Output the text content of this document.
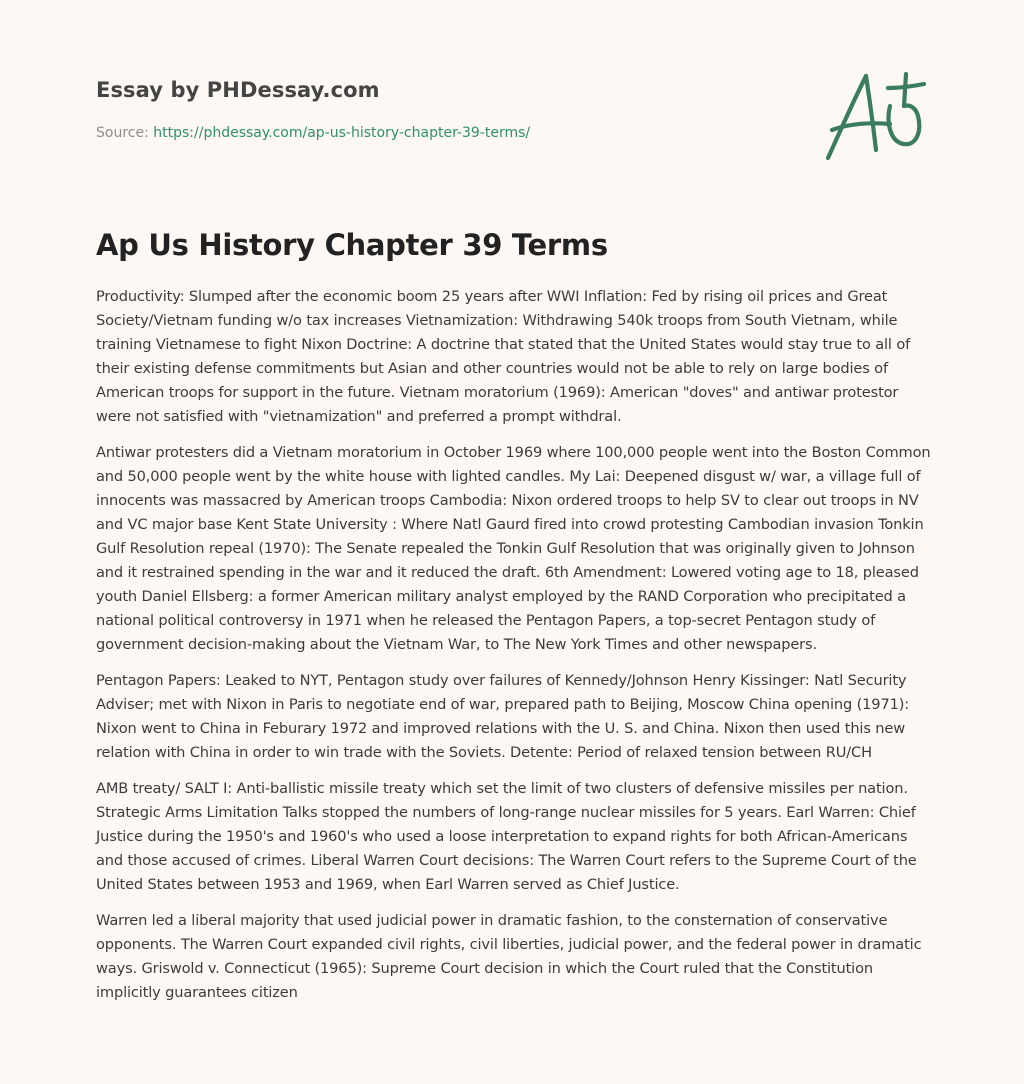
Essay by PHDessay.com
Source: https://phdessay.com/ap-us-history-chapter-39-terms/
Ap Us History Chapter 39 Terms

Productivity: Slumped after the economic boom 25 years after WWI Inflation: Fed by rising oil prices and Great Society/Vietnam funding w/o tax increases Vietnamization: Withdrawing 540k troops from South Vietnam, while training Vietnamese to fight Nixon Doctrine: A doctrine that stated that the United States would stay true to all of their existing defense commitments but Asian and other countries would not be able to rely on large bodies of American troops for support in the future. Vietnam moratorium (1969): American "doves" and antiwar protestor were not satisfied with "vietnamization" and preferred a prompt withdral.

Antiwar protesters did a Vietnam moratorium in October 1969 where 100,000 people went into the Boston Common and 50,000 people went by the white house with lighted candles. My Lai: Deepened disgust w/ war, a village full of innocents was massacred by American troops Cambodia: Nixon ordered troops to help SV to clear out troops in NV and VC major base Kent State University : Where Natl Gaurd fired into crowd protesting Cambodian invasion Tonkin Gulf Resolution repeal (1970): The Senate repealed the Tonkin Gulf Resolution that was originally given to Johnson and it restrained spending in the war and it reduced the draft. 6th Amendment: Lowered voting age to 18, pleased youth Daniel Ellsberg: a former American military analyst employed by the RAND Corporation who precipitated a national political controversy in 1971 when he released the Pentagon Papers, a top-secret Pentagon study of government decision-making about the Vietnam War, to The New York Times and other newspapers.

Pentagon Papers: Leaked to NYT, Pentagon study over failures of Kennedy/Johnson Henry Kissinger: Natl Security Adviser; met with Nixon in Paris to negotiate end of war, prepared path to Beijing, Moscow China opening (1971): Nixon went to China in Feburary 1972 and improved relations with the U. S. and China. Nixon then used this new relation with China in order to win trade with the Soviets. Detente: Period of relaxed tension between RU/CH

AMB treaty/ SALT I: Anti-ballistic missile treaty which set the limit of two clusters of defensive missiles per nation. Strategic Arms Limitation Talks stopped the numbers of long-range nuclear missiles for 5 years. Earl Warren: Chief Justice during the 1950's and 1960's who used a loose interpretation to expand rights for both African-Americans and those accused of crimes. Liberal Warren Court decisions: The Warren Court refers to the Supreme Court of the United States between 1953 and 1969, when Earl Warren served as Chief Justice.

Warren led a liberal majority that used judicial power in dramatic fashion, to the consternation of conservative opponents. The Warren Court expanded civil rights, civil liberties, judicial power, and the federal power in dramatic ways. Griswold v. Connecticut (1965): Supreme Court decision in which the Court ruled that the Constitution implicitly guarantees citizen
